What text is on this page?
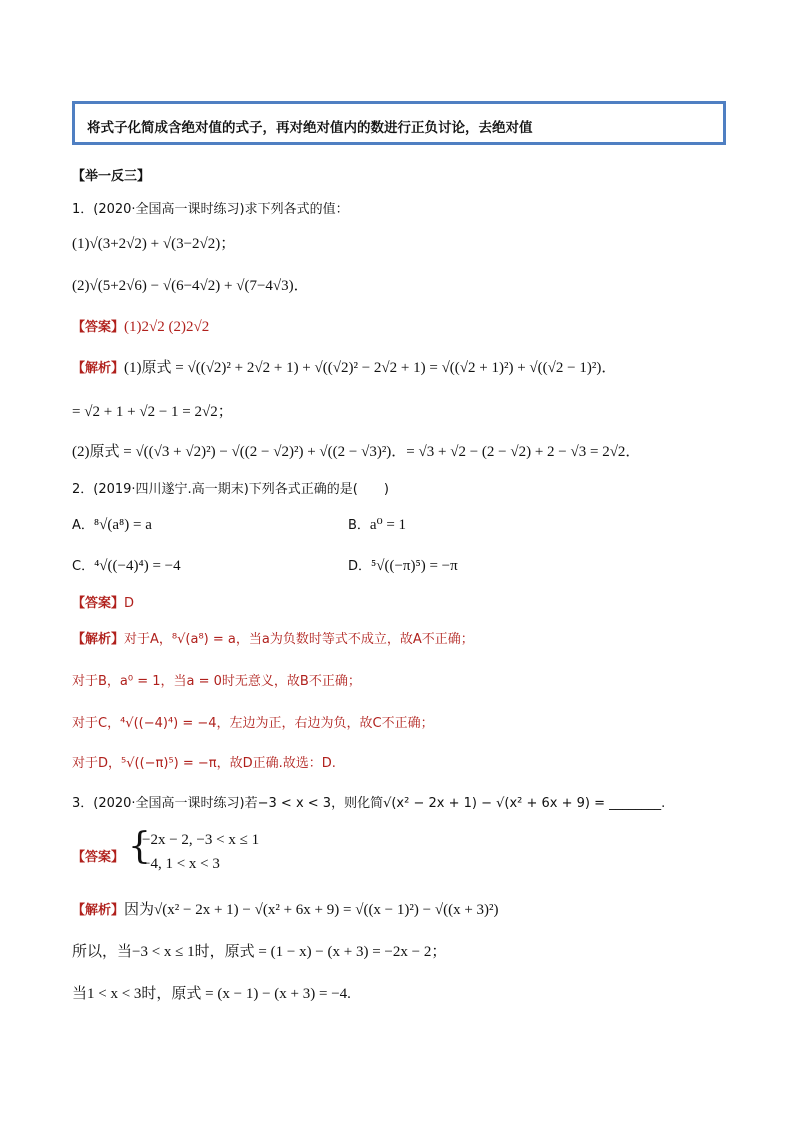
将式子化简成含绝对值的式子，再对绝对值内的数进行正负讨论，去绝对值
【举一反三】
1．(2020·全国高一课时练习)求下列各式的值：
(1)√(3+2√2) + √(3−2√2)；
(2)√(5+2√6) − √(6−4√2) + √(7−4√3)．
【答案】(1)2√2 (2)2√2
【解析】(1)原式 = √((√2)² + 2√2 + 1) + √((√2)² − 2√2 + 1) = √((√2 + 1)²) + √((√2 − 1)²)．
= √2 + 1 + √2 − 1 = 2√2；
(2)原式 = √((√3 + √2)²) − √((2 − √2)²) + √((2 − √3)²)．= √3 + √2 − (2 − √2) + 2 − √3 = 2√2．
2．(2019·四川遂宁.高一期末)下列各式正确的是(　　)
A．⁸√(a⁸) = a	B．a⁰ = 1
C．⁴√((−4)⁴) = −4	D．⁵√((−π)⁵) = −π
【答案】D
【解析】对于A，⁸√(a⁸) = a，当a为负数时等式不成立，故A不正确；
对于B，a⁰ = 1，当a = 0时无意义，故B不正确；
对于C，⁴√((−4)⁴) = −4，左边为正，右边为负，故C不正确；
对于D，⁵√((−π)⁵) = −π，故D正确.故选：D.
3．(2020·全国高一课时练习)若−3 < x < 3，则化简√(x² − 2x + 1) − √(x² + 6x + 9) = ________.
【答案】 {
−2x − 2, −3 < x ≤ 1
−4, 1 < x < 3
【解析】因为√(x² − 2x + 1) − √(x² + 6x + 9) = √((x − 1)²) − √((x + 3)²)
所以，当−3 < x ≤ 1时，原式 = (1 − x) − (x + 3) = −2x − 2；
当1 < x < 3时，原式 = (x − 1) − (x + 3) = −4.
